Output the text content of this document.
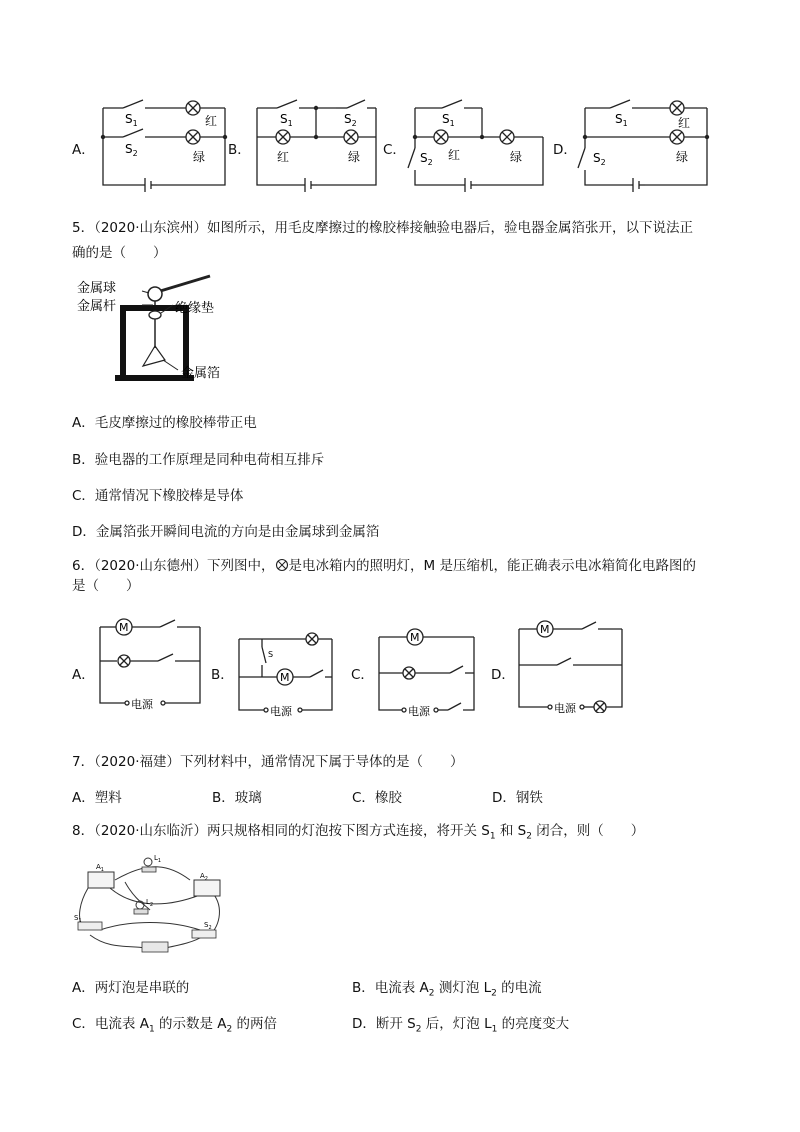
A．
$S_1$
$S_2$
红
绿 B．
$S_1$	$S_2$
红	绿 C．
$S_1$
$S_2$
红	绿 D．
$S_1$
$S_2$
红
绿
5．（2020·山东滨州）如图所示，用毛皮摩擦过的橡胶棒接触验电器后，验电器金属箔张开，以下说法正
确的是（　　）
金属球
金属杆	绝缘垫
金属箔
A．毛皮摩擦过的橡胶棒带正电
B．验电器的工作原理是同种电荷相互排斥
C．通常情况下橡胶棒是导体
D．金属箔张开瞬间电流的方向是由金属球到金属箔
6．（2020·山东德州）下列图中， 是电冰箱内的照明灯，M 是压缩机，能正确表示电冰箱简化电路图的
是（　　）
A．
M
电源
B．
S
M
电源
C．
M
电源
D．
M
电源
7．（2020·福建）下列材料中，通常情况下属于导体的是（　　）
A．塑料	B．玻璃	C．橡胶	D．钢铁
8．（2020·山东临沂）两只规格相同的灯泡按下图方式连接，将开关 $S_1$ 和 $S_2$ 闭合，则（　　）
$L_1$
$L_2$
$A_1$
$A_2$
$S_1$	$S_2$
A．两灯泡是串联的	B．电流表 $A_2$ 测灯泡 $L_2$ 的电流
C．电流表 $A_1$ 的示数是 $A_2$ 的两倍	D．断开 $S_2$ 后，灯泡 $L_1$ 的亮度变大
